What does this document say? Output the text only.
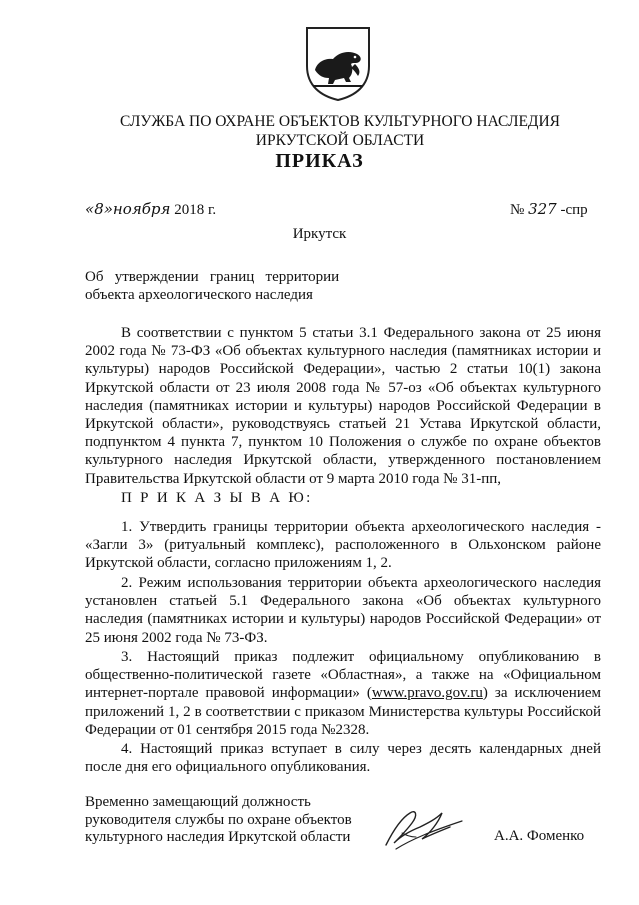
СЛУЖБА ПО ОХРАНЕ ОБЪЕКТОВ КУЛЬТУРНОГО НАСЛЕДИЯ
ИРКУТСКОЙ ОБЛАСТИ
ПРИКАЗ
«8»ноября 2018 г.	№ 327 -спр
Иркутск
Об   утверждении   границ   территории
объекта археологического наследия
В соответствии с пунктом 5 статьи 3.1 Федерального закона от 25 июня 2002 года № 73-ФЗ «Об объектах культурного наследия (памятниках истории и культуры) народов Российской Федерации», частью 2 статьи 10(1) закона Иркутской области от 23 июля 2008 года № 57-оз «Об объектах культурного наследия (памятниках истории и культуры) народов Российской Федерации в Иркутской области», руководствуясь статьей 21 Устава Иркутской области, подпунктом 4 пункта 7, пунктом 10 Положения о службе по охране объектов культурного наследия Иркутской области, утвержденного постановлением Правительства Иркутской области от 9 марта 2010 года № 31-пп,
П Р И К А З Ы В А Ю:
1. Утвердить границы территории объекта археологического наследия - «Загли 3» (ритуальный комплекс), расположенного в Ольхонском районе Иркутской области, согласно приложениям 1, 2.
2. Режим использования территории объекта археологического наследия установлен статьей 5.1 Федерального закона «Об объектах культурного наследия (памятниках истории и культуры) народов Российской Федерации» от 25 июня 2002 года № 73-ФЗ.
3. Настоящий приказ подлежит официальному опубликованию в общественно-политической газете «Областная», а также на «Официальном интернет-портале правовой информации» (www.pravo.gov.ru) за исключением приложений 1, 2 в соответствии с приказом Министерства культуры Российской Федерации от 01 сентября 2015 года №2328.
4. Настоящий приказ вступает в силу через десять календарных дней после дня его официального опубликования.
Временно замещающий должность
руководителя службы по охране объектов
культурного наследия Иркутской области	А.А. Фоменко
